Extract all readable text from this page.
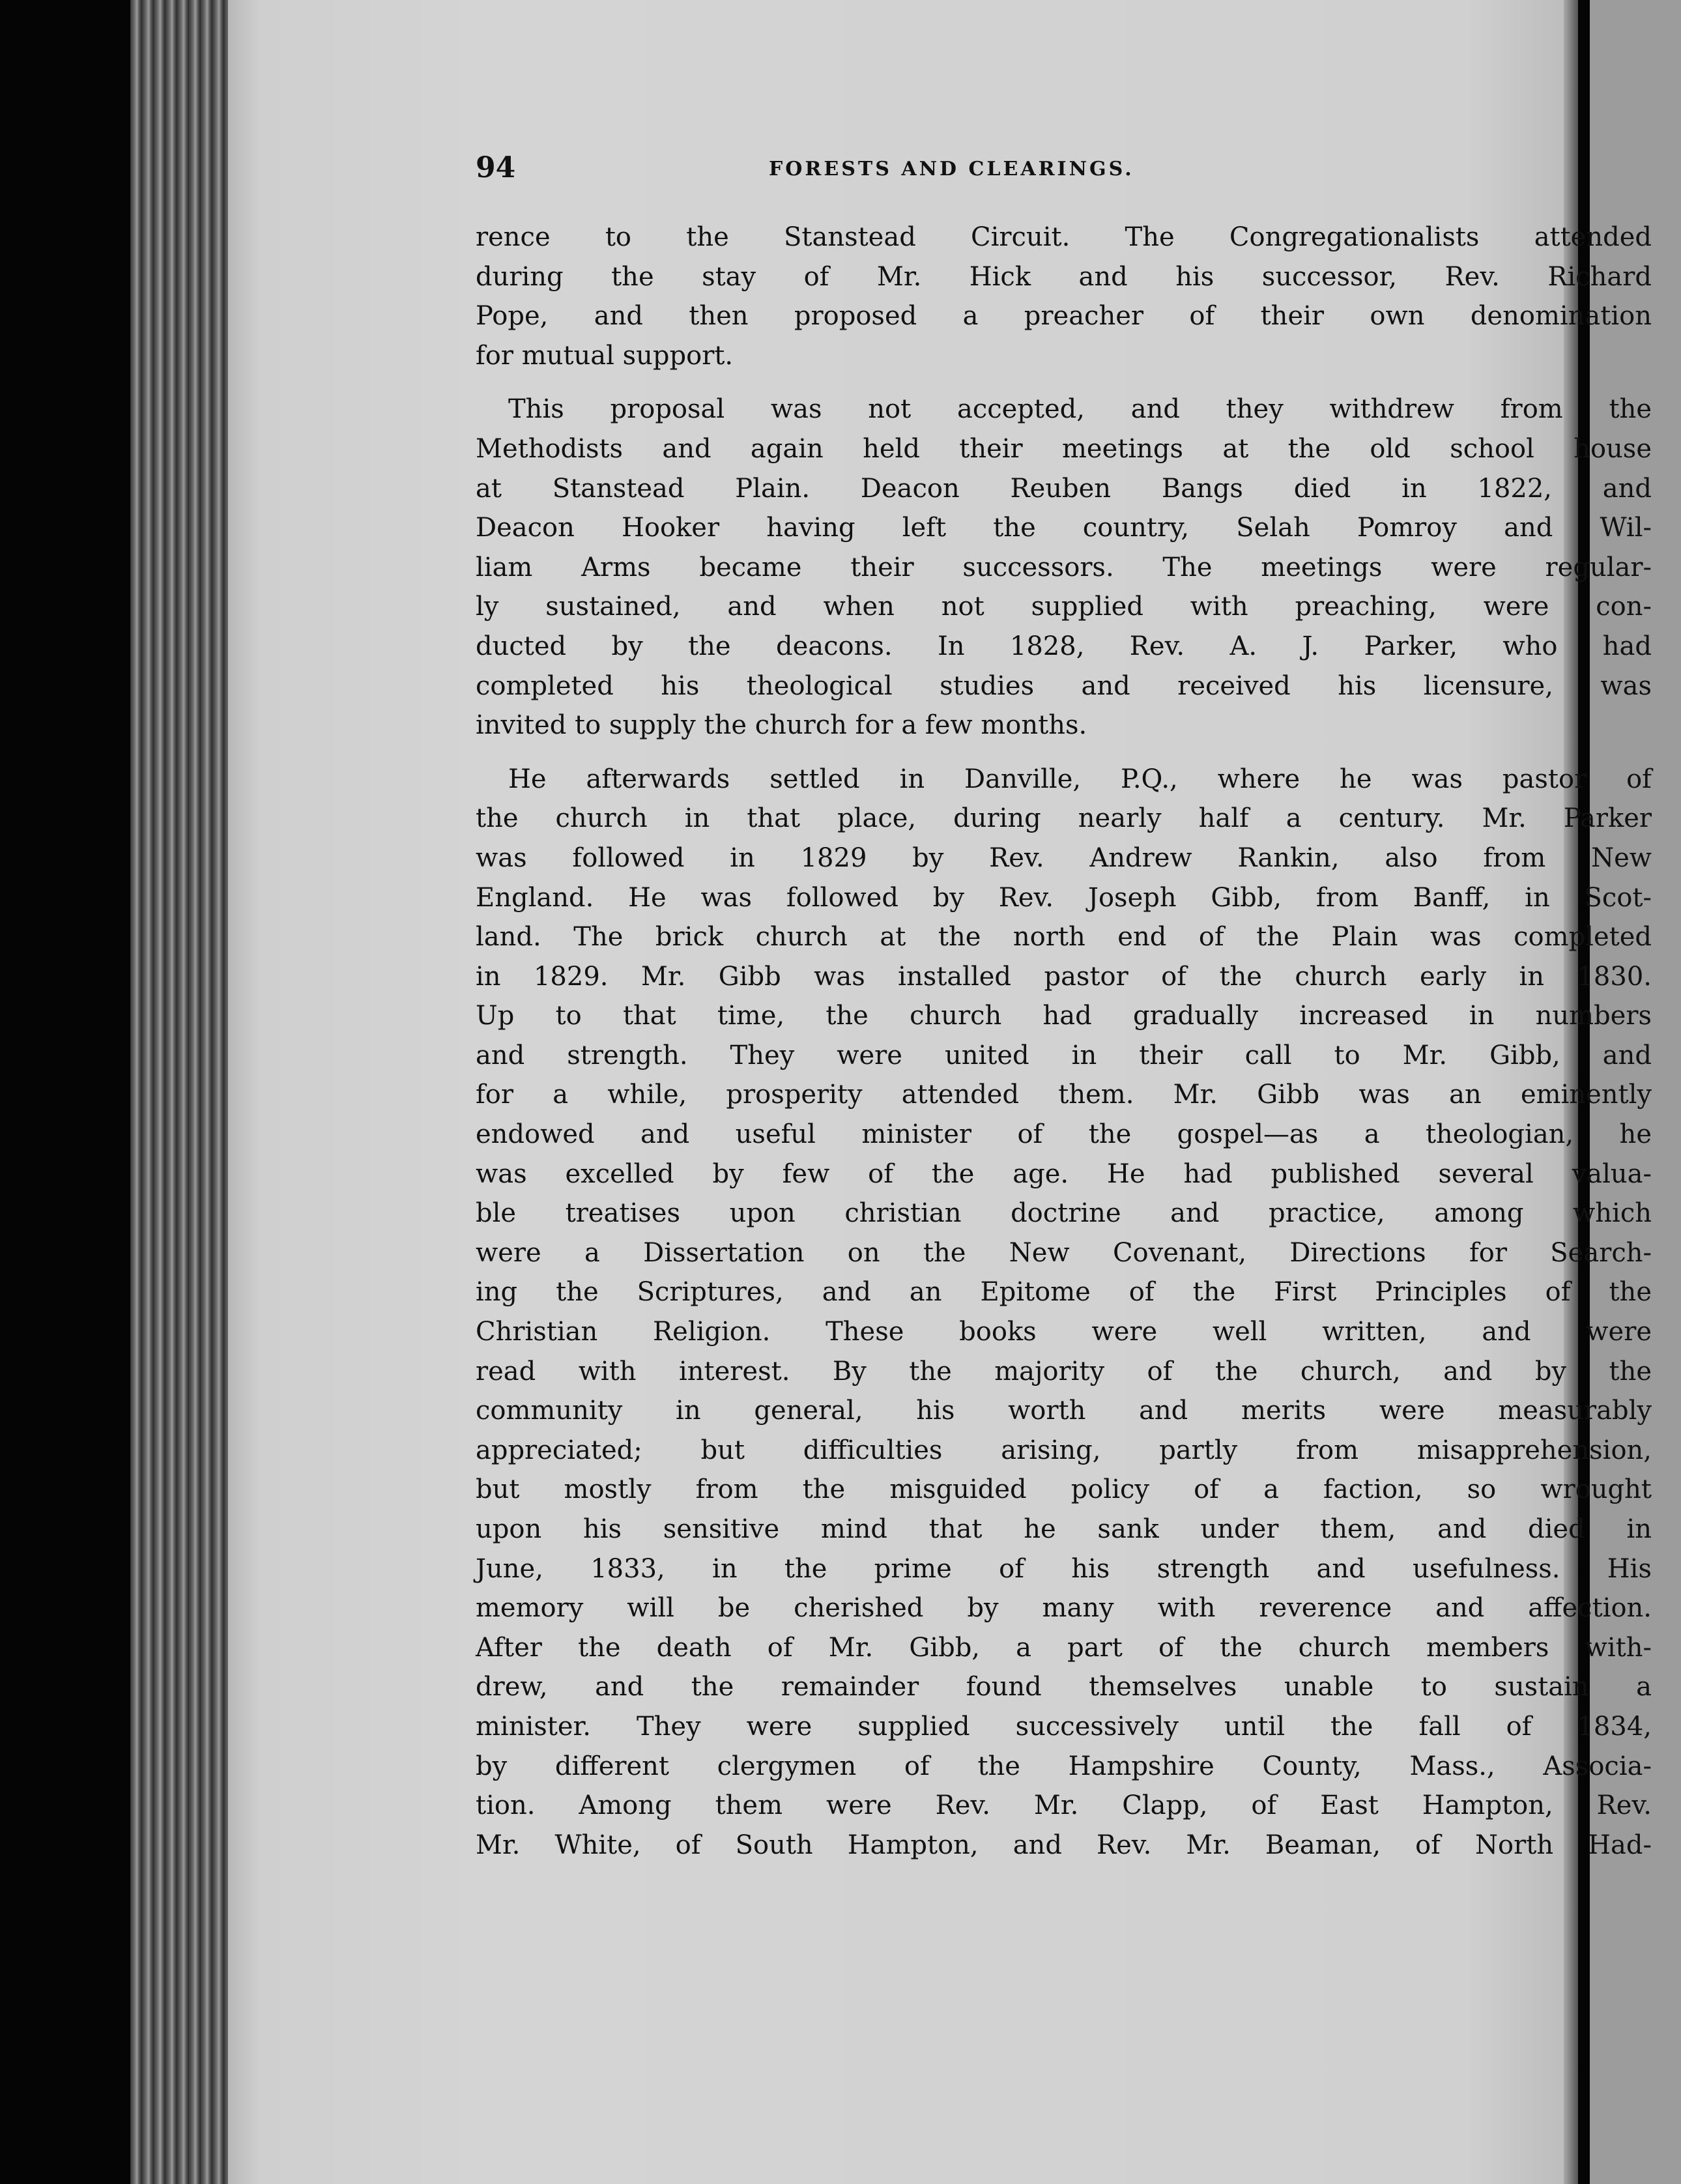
94	FORESTS AND CLEARINGS.

rence to the Stanstead Circuit. The Congregationalists attended

during the stay of Mr. Hick and his successor, Rev. Richard

Pope, and then proposed a preacher of their own denomination

for mutual support.

This proposal was not accepted, and they withdrew from the

Methodists and again held their meetings at the old school house

at Stanstead Plain. Deacon Reuben Bangs died in 1822, and

Deacon Hooker having left the country, Selah Pomroy and Wil-

liam Arms became their successors. The meetings were regular-

ly sustained, and when not supplied with preaching, were con-

ducted by the deacons. In 1828, Rev. A. J. Parker, who had

completed his theological studies and received his licensure, was

invited to supply the church for a few months.

He afterwards settled in Danville, P.Q., where he was pastor of

the church in that place, during nearly half a century. Mr. Parker

was followed in 1829 by Rev. Andrew Rankin, also from New

England. He was followed by Rev. Joseph Gibb, from Banff, in Scot-

land. The brick church at the north end of the Plain was completed

in 1829. Mr. Gibb was installed pastor of the church early in 1830.

Up to that time, the church had gradually increased in numbers

and strength. They were united in their call to Mr. Gibb, and

for a while, prosperity attended them. Mr. Gibb was an eminently

endowed and useful minister of the gospel—as a theologian, he

was excelled by few of the age. He had published several valua-

ble treatises upon christian doctrine and practice, among which

were a Dissertation on the New Covenant, Directions for Search-

ing the Scriptures, and an Epitome of the First Principles of the

Christian Religion. These books were well written, and were

read with interest. By the majority of the church, and by the

community in general, his worth and merits were measurably

appreciated; but difficulties arising, partly from misapprehension,

but mostly from the misguided policy of a faction, so wrought

upon his sensitive mind that he sank under them, and died in

June, 1833, in the prime of his strength and usefulness. His

memory will be cherished by many with reverence and affection.

After the death of Mr. Gibb, a part of the church members with-

drew, and the remainder found themselves unable to sustain a

minister. They were supplied successively until the fall of 1834,

by different clergymen of the Hampshire County, Mass., Associa-

tion. Among them were Rev. Mr. Clapp, of East Hampton, Rev.

Mr. White, of South Hampton, and Rev. Mr. Beaman, of North Had-
